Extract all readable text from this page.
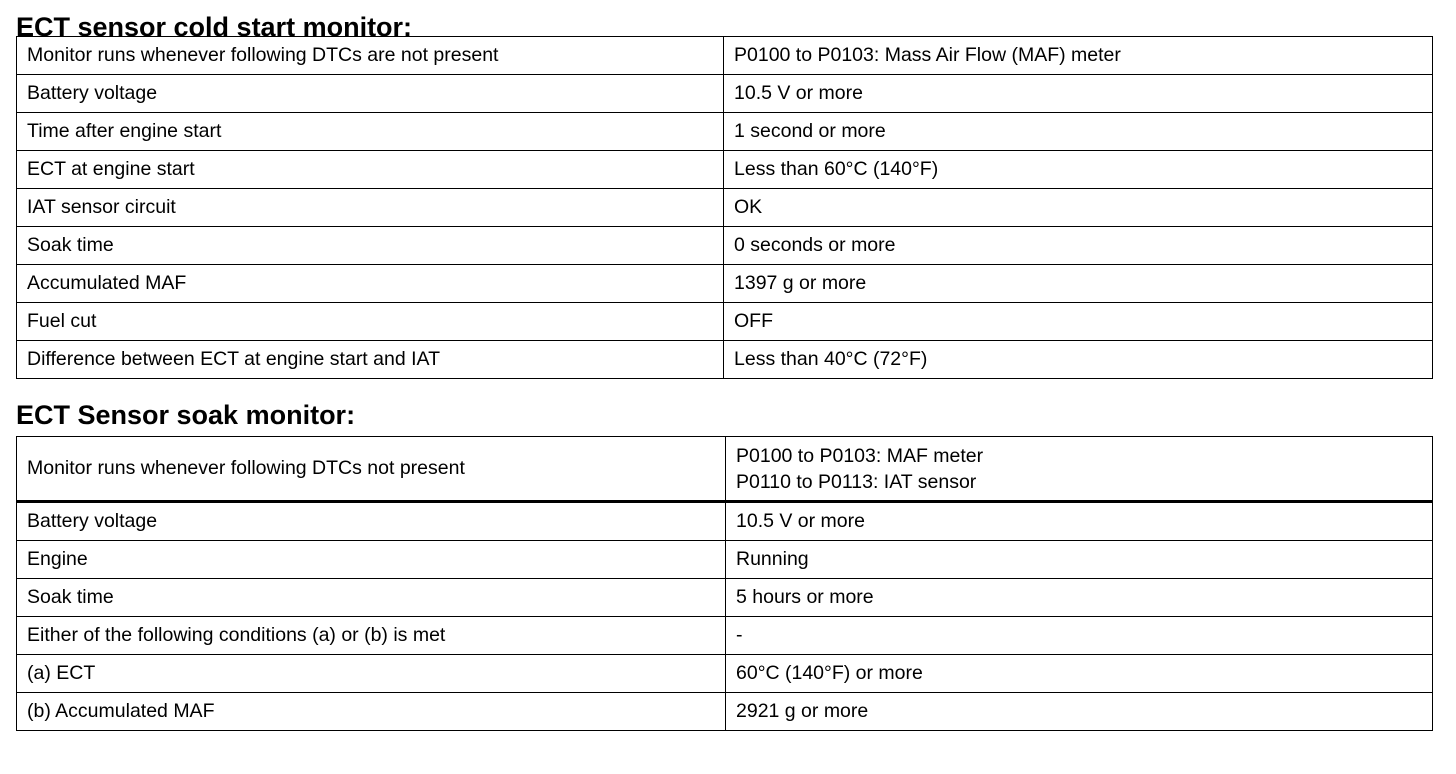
ECT sensor cold start monitor:
Monitor runs whenever following DTCs are not present	P0100 to P0103: Mass Air Flow (MAF) meter
Battery voltage	10.5 V or more
Time after engine start	1 second or more
ECT at engine start	Less than 60°C (140°F)
IAT sensor circuit	OK
Soak time	0 seconds or more
Accumulated MAF	1397 g or more
Fuel cut	OFF
Difference between ECT at engine start and IAT	Less than 40°C (72°F)
ECT Sensor soak monitor:
Monitor runs whenever following DTCs not present	P0100 to P0103: MAF meter
P0110 to P0113: IAT sensor

Battery voltage	10.5 V or more
Engine	Running
Soak time	5 hours or more
Either of the following conditions (a) or (b) is met	-
(a) ECT	60°C (140°F) or more
(b) Accumulated MAF	2921 g or more
